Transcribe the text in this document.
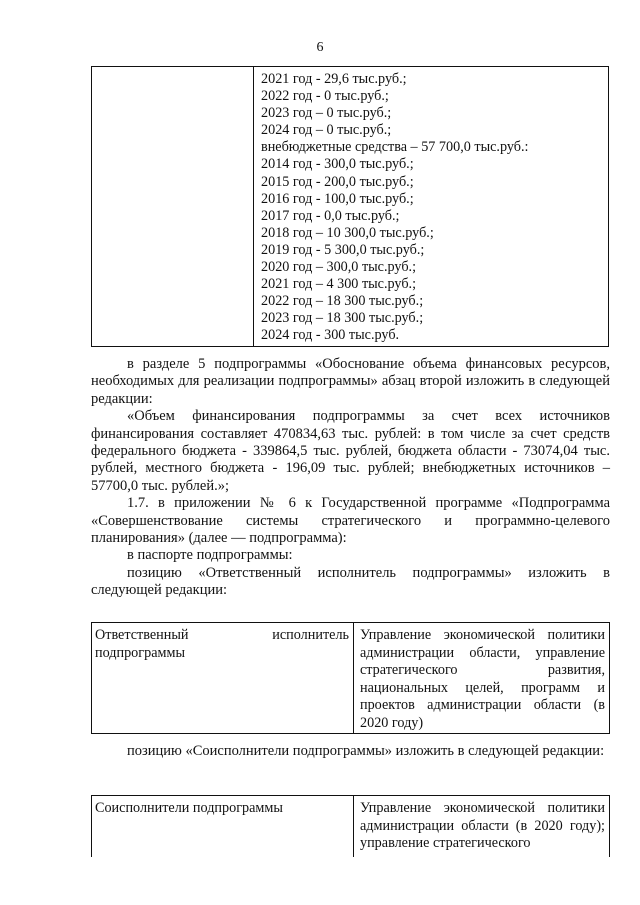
6
2021 год - 29,6 тыс.руб.;
2022 год - 0 тыс.руб.;
2023 год – 0 тыс.руб.;
2024 год – 0 тыс.руб.;
внебюджетные средства – 57 700,0 тыс.руб.:
2014 год - 300,0 тыс.руб.;
2015 год - 200,0 тыс.руб.;
2016 год - 100,0 тыс.руб.;
2017 год - 0,0 тыс.руб.;
2018 год – 10 300,0 тыс.руб.;
2019 год - 5 300,0 тыс.руб.;
2020 год – 300,0 тыс.руб.;
2021 год – 4 300 тыс.руб.;
2022 год – 18 300 тыс.руб.;
2023 год – 18 300 тыс.руб.;
2024 год - 300 тыс.руб.
в разделе 5 подпрограммы «Обоснование объема финансовых ресурсов, необходимых для реализации подпрограммы» абзац второй изложить в следующей редакции:
«Объем финансирования подпрограммы за счет всех источников финансирования составляет 470834,63 тыс. рублей: в том числе за счет средств федерального бюджета - 339864,5 тыс. рублей, бюджета области - 73074,04 тыс. рублей, местного бюджета - 196,09 тыс. рублей; внебюджетных источников – 57700,0 тыс. рублей.»;
1.7. в приложении № 6 к Государственной программе «Подпрограмма «Совершенствование системы стратегического и программно-целевого планирования» (далее — подпрограмма):
в паспорте подпрограммы:
позицию «Ответственный исполнитель подпрограммы» изложить в следующей редакции:
Ответственный исполнитель подпрограммы
Управление экономической политики администрации области, управление стратегического развития, национальных целей, программ и проектов администрации области (в 2020 году)
позицию «Соисполнители подпрограммы» изложить в следующей редакции:
Соисполнители подпрограммы	Управление экономической политики администрации области (в 2020 году); управление стратегического
